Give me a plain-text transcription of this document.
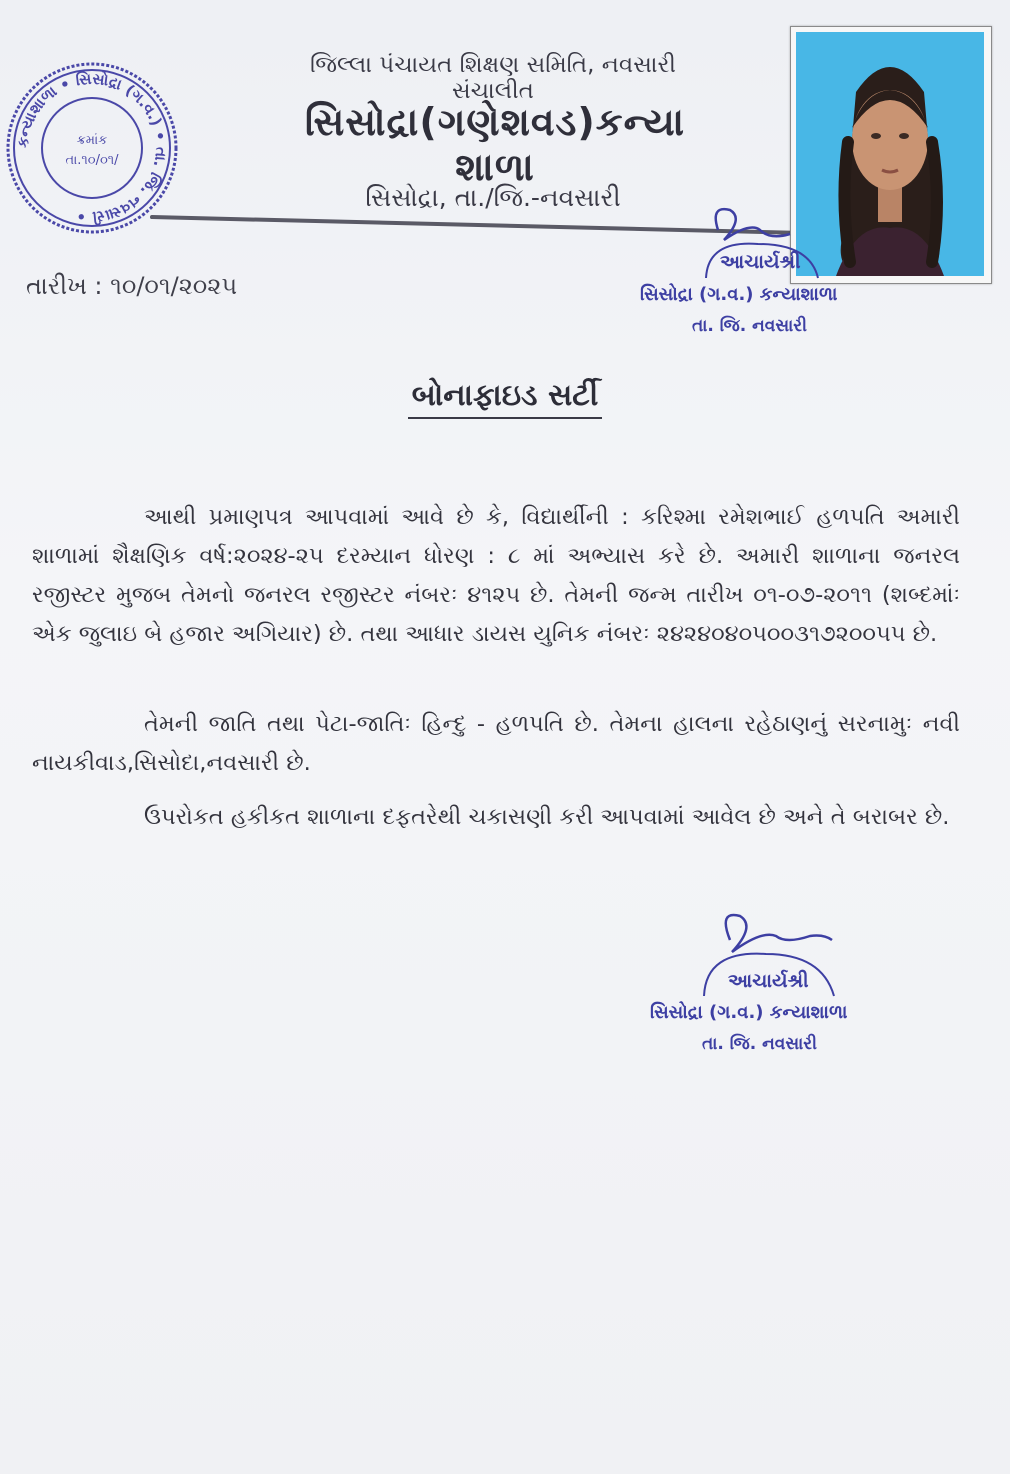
કન્યાશાળા • સિસોદ્રા (ગ.વ.) • તા. જિ. નવસારી •
ક્રમાંક
તા.૧૦/૦૧/
જિલ્લા પંચાયત શિક્ષણ સમિતિ, નવસારી સંચાલીત
સિસોદ્રા(ગણેશવડ)કન્યા શાળા
સિસોદ્રા, તા./જિ.-નવસારી
તારીખ : ૧૦/૦૧/૨૦૨૫
આચાર્યશ્રી
સિસોદ્રા (ગ.વ.) કન્યાશાળા
તા. જિ. નવસારી
બોનાફાઇડ સર્ટી
આથી પ્રમાણપત્ર આપવામાં આવે છે કે, વિદ્યાર્થીની : કરિશ્મા રમેશભાઈ હળપતિ અમારી શાળામાં શૈક્ષણિક વર્ષ:૨૦૨૪-૨૫ દરમ્યાન ધોરણ : ૮ માં અભ્યાસ કરે છે. અમારી શાળાના જનરલ રજીસ્ટર મુજબ તેમનો જનરલ રજીસ્ટર નંબરઃ ૪૧૨૫ છે. તેમની જન્મ તારીખ ૦૧-૦૭-૨૦૧૧ (શબ્દમાંઃ એક જુલાઇ બે હજાર અગિયાર) છે. તથા આધાર ડાયસ યુનિક નંબરઃ ૨૪૨૪૦૪૦૫૦૦૩૧૭૨૦૦૫૫ છે.
તેમની જાતિ તથા પેટા-જાતિઃ હિન્દુ - હળપતિ છે. તેમના હાલના રહેઠાણનું સરનામુઃ નવી નાયકીવાડ,સિસોદા,નવસારી છે.
ઉપરોકત હકીકત શાળાના દફતરેથી ચકાસણી કરી આપવામાં આવેલ છે અને તે બરાબર છે.
આચાર્યશ્રી
સિસોદ્રા (ગ.વ.) કન્યાશાળા
તા. જિ. નવસારી
